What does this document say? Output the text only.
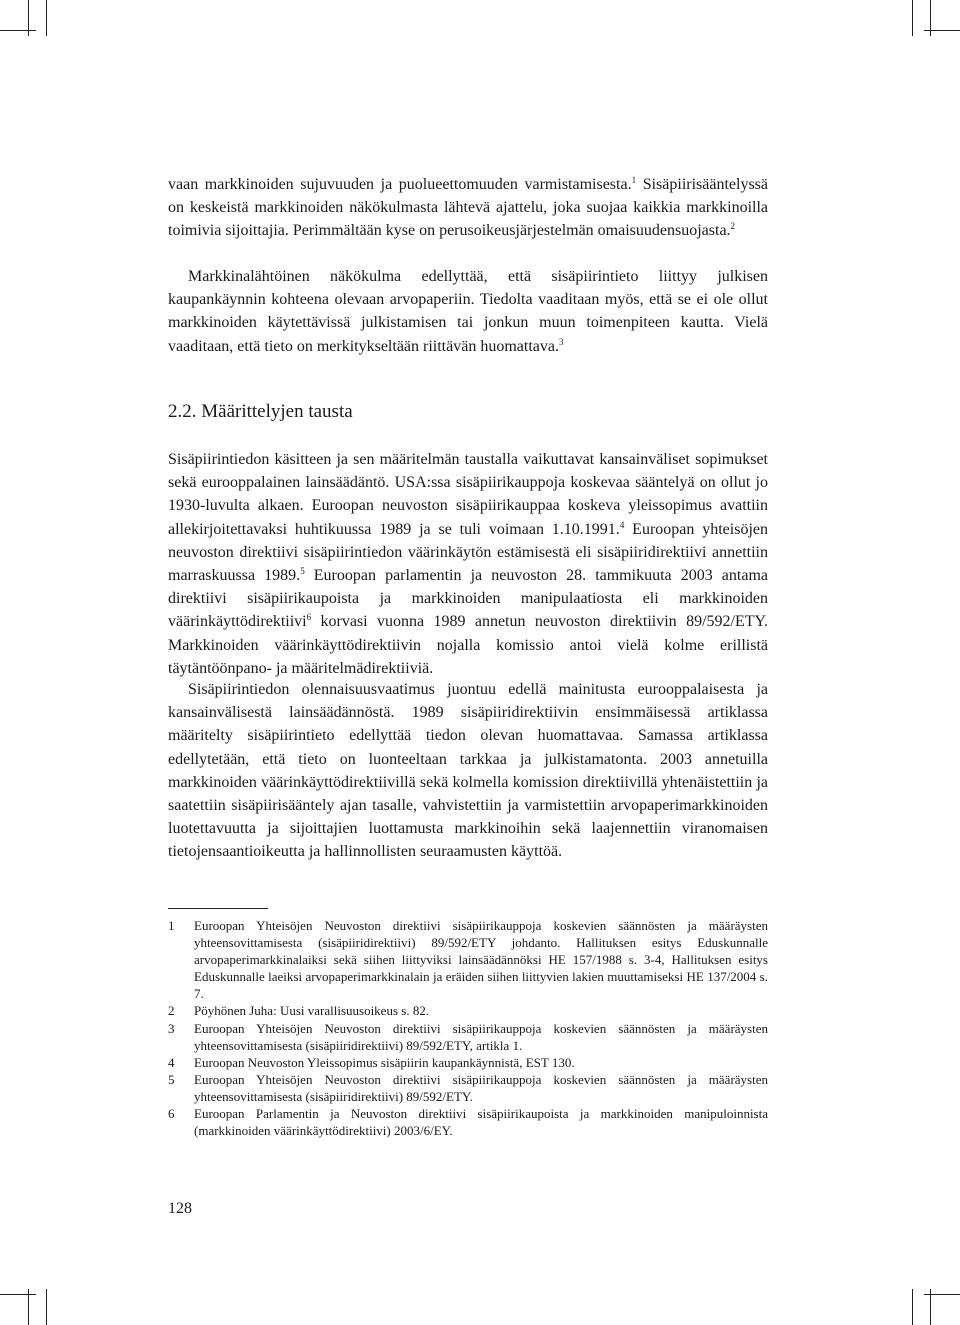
vaan markkinoiden sujuvuuden ja puolueettomuuden varmistamisesta.$^1$ Sisäpiirisääntelyssä on keskeistä markkinoiden näkökulmasta lähtevä ajattelu, joka suojaa kaikkia markkinoilla toimivia sijoittajia. Perimmältään kyse on perusoikeusjärjestelmän omaisuudensuojasta.$^2$

Markkinalähtöinen näkökulma edellyttää, että sisäpiirintieto liittyy julkisen kaupankäynnin kohteena olevaan arvopaperiin. Tiedolta vaaditaan myös, että se ei ole ollut markkinoiden käytettävissä julkistamisen tai jonkun muun toimenpiteen kautta. Vielä vaaditaan, että tieto on merkitykseltään riittävän huomattava.$^3$

2.2. Määrittelyjen tausta

Sisäpiirintiedon käsitteen ja sen määritelmän taustalla vaikuttavat kansainväliset sopimukset sekä eurooppalainen lainsäädäntö. USA:ssa sisäpiirikauppoja koskevaa sääntelyä on ollut jo 1930-luvulta alkaen. Euroopan neuvoston sisäpiirikauppaa koskeva yleissopimus avattiin allekirjoitettavaksi huhtikuussa 1989 ja se tuli voimaan 1.10.1991.$^4$ Euroopan yhteisöjen neuvoston direktiivi sisäpiirintiedon väärinkäytön estämisestä eli sisäpiiridirektiivi annettiin marraskuussa 1989.$^5$ Euroopan parlamentin ja neuvoston 28. tammikuuta 2003 antama direktiivi sisäpiirikaupoista ja markkinoiden manipulaatiosta eli markkinoiden väärinkäyttödirektiivi$^6$ korvasi vuonna 1989 annetun neuvoston direktiivin 89/592/ETY. Markkinoiden väärinkäyttödirektiivin nojalla komissio antoi vielä kolme erillistä täytäntöönpano- ja määritelmädirektiiviä.

Sisäpiirintiedon olennaisuusvaatimus juontuu edellä mainitusta eurooppalaisesta ja kansainvälisestä lainsäädännöstä. 1989 sisäpiiridirektiivin ensimmäisessä artiklassa määritelty sisäpiirintieto edellyttää tiedon olevan huomattavaa. Samassa artiklassa edellytetään, että tieto on luonteeltaan tarkkaa ja julkistamatonta. 2003 annetuilla markkinoiden väärinkäyttödirektiivillä sekä kolmella komission direktiivillä yhtenäistettiin ja saatettiin sisäpiirisääntely ajan tasalle, vahvistettiin ja varmistettiin arvopaperimarkkinoiden luotettavuutta ja sijoittajien luottamusta markkinoihin sekä laajennettiin viranomaisen tietojensaantioikeutta ja hallinnollisten seuraamusten käyttöä.

1	Euroopan Yhteisöjen Neuvoston direktiivi sisäpiirikauppoja koskevien säännösten ja määräysten yhteensovittamisesta (sisäpiiridirektiivi) 89/592/ETY johdanto. Hallituksen esitys Eduskunnalle arvopaperimarkkinalaiksi sekä siihen liittyviksi lainsäädännöksi HE 157/1988 s. 3-4, Hallituksen esitys Eduskunnalle laeiksi arvopaperimarkkinalain ja eräiden siihen liittyvien lakien muuttamiseksi HE 137/2004 s. 7.
2	Pöyhönen Juha: Uusi varallisuusoikeus s. 82.
3	Euroopan Yhteisöjen Neuvoston direktiivi sisäpiirikauppoja koskevien säännösten ja määräysten yhteensovittamisesta (sisäpiiridirektiivi) 89/592/ETY, artikla 1.
4	Euroopan Neuvoston Yleissopimus sisäpiirin kaupankäynnistä, EST 130.
5	Euroopan Yhteisöjen Neuvoston direktiivi sisäpiirikauppoja koskevien säännösten ja määräysten yhteensovittamisesta (sisäpiiridirektiivi) 89/592/ETY.
6	Euroopan Parlamentin ja Neuvoston direktiivi sisäpiirikaupoista ja markkinoiden manipuloinnista (markkinoiden väärinkäyttödirektiivi) 2003/6/EY.
128
